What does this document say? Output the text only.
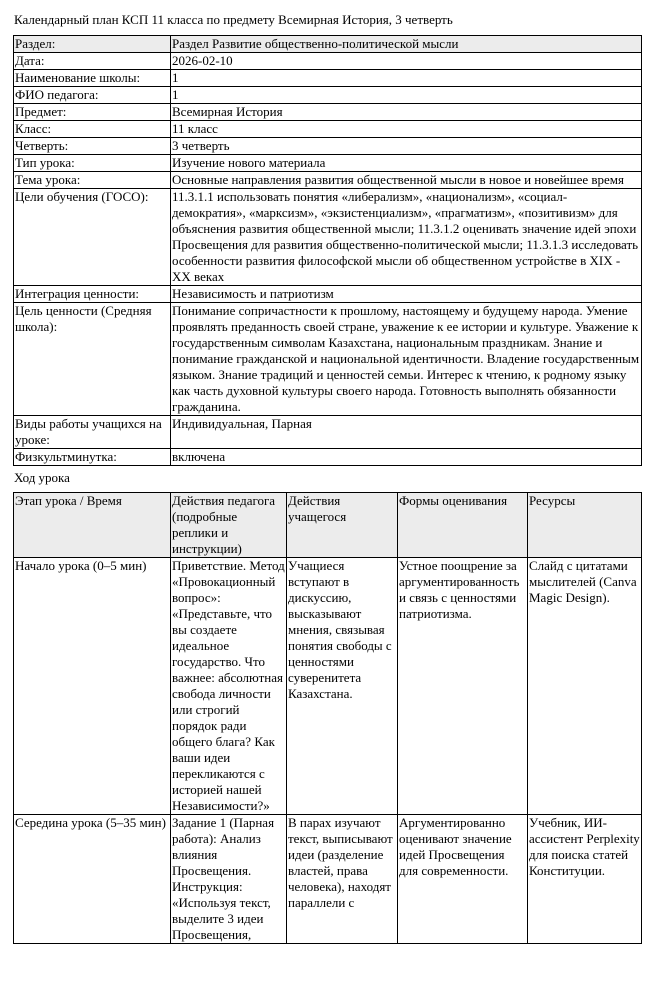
Календарный план КСП 11 класса по предмету Всемирная История, 3 четверть
Раздел:	Раздел Развитие общественно-политической мысли
Дата:	2026-02-10
Наименование школы:	1
ФИО педагога:	1
Предмет:	Всемирная История
Класс:	11 класс
Четверть:	3 четверть
Тип урока:	Изучение нового материала
Тема урока:	Основные направления развития общественной мысли в новое и новейшее время
Цели обучения (ГОСО):	11.3.1.1 использовать понятия «либерализм», «национализм», «социал-демократия», «марксизм», «экзистенциализм», «прагматизм», «позитивизм» для объяснения развития общественной мысли; 11.3.1.2 оценивать значение идей эпохи Просвещения для развития общественно-политической мысли; 11.3.1.3 исследовать особенности развития философской мысли об общественном устройстве в XIX - XX веках
Интеграция ценности:	Независимость и патриотизм
Цель ценности (Средняя школа):	Понимание сопричастности к прошлому, настоящему и будущему народа. Умение проявлять преданность своей стране, уважение к ее истории и культуре. Уважение к государственным символам Казахстана, национальным праздникам. Знание и понимание гражданской и национальной идентичности. Владение государственным языком. Знание традиций и ценностей семьи. Интерес к чтению, к родному языку как часть духовной культуры своего народа. Готовность выполнять обязанности гражданина.
Виды работы учащихся на уроке:	Индивидуальная, Парная
Физкультминутка:	включена
Ход урока
Этап урока / Время	Действия педагога (подробные реплики и инструкции)	Действия учащегося	Формы оценивания	Ресурсы
Начало урока (0–5 мин)	Приветствие. Метод «Провокационный вопрос»: «Представьте, что вы создаете идеальное государство. Что важнее: абсолютная свобода личности или строгий порядок ради общего блага? Как ваши идеи перекликаются с историей нашей Независимости?»	Учащиеся вступают в дискуссию, высказывают мнения, связывая понятия свободы с ценностями суверенитета Казахстана.	Устное поощрение за аргументированность и связь с ценностями патриотизма.	Слайд с цитатами мыслителей (Canva Magic Design).
Середина урока (5–35 мин)	Задание 1 (Парная работа): Анализ влияния Просвещения. Инструкция: «Используя текст, выделите 3 идеи Просвещения,	В парах изучают текст, выписывают идеи (разделение властей, права человека), находят параллели с	Аргументированно оценивают значение идей Просвещения для современности.	Учебник, ИИ-ассистент Perplexity для поиска статей Конституции.
